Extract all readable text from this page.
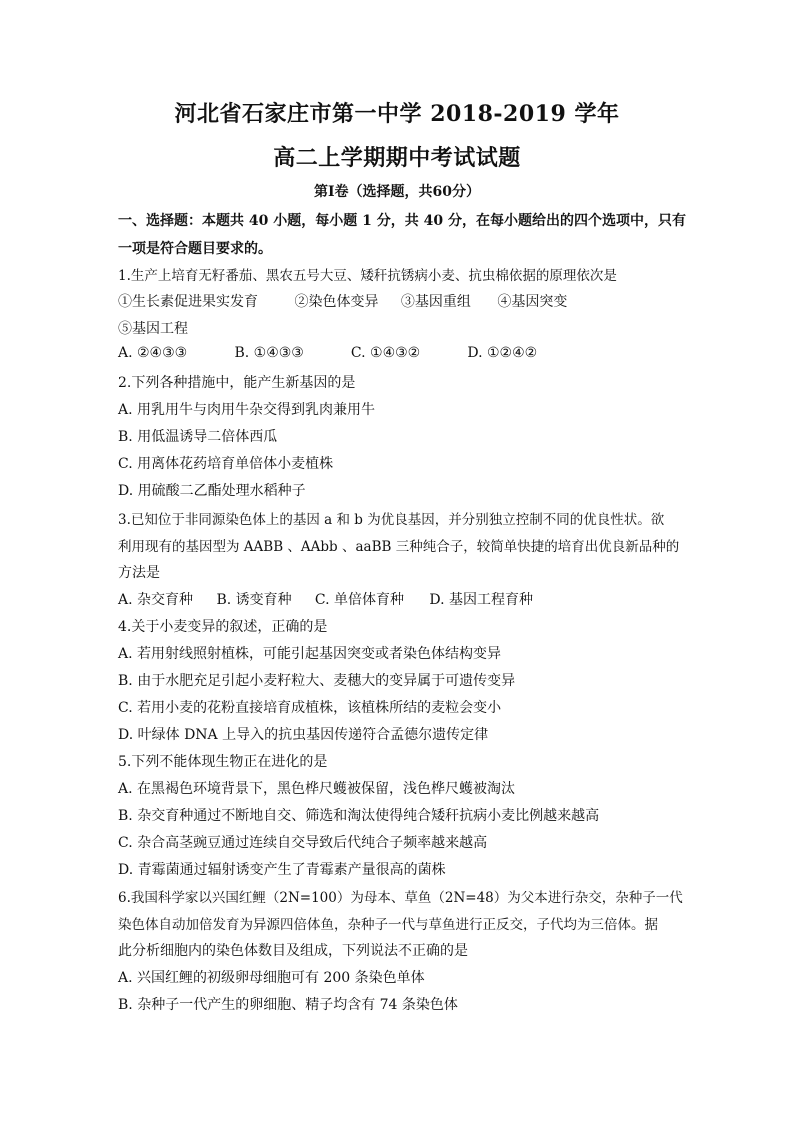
河北省石家庄市第一中学 2018-2019 学年
高二上学期期中考试试题
第Ⅰ卷（选择题，共60分）
一、选择题：本题共 40 小题，每小题 1 分，共 40 分，在每小题给出的四个选项中，只有
一项是符合题目要求的。
1.生产上培育无籽番茄、黑农五号大豆、矮秆抗锈病小麦、抗虫棉依据的原理依次是
①生长素促进果实发育	②染色体变异 ③基因重组 ④基因突变
⑤基因工程
A. ②④③③	B. ①④③③	C. ①④③②	D. ①②④②
2.下列各种措施中，能产生新基因的是
A. 用乳用牛与肉用牛杂交得到乳肉兼用牛
B. 用低温诱导二倍体西瓜
C. 用离体花药培育单倍体小麦植株
D. 用硫酸二乙酯处理水稻种子
3.已知位于非同源染色体上的基因 a 和 b 为优良基因，并分别独立控制不同的优良性状。欲
利用现有的基因型为 AABB 、AAbb 、aaBB 三种纯合子，较简单快捷的培育出优良新品种的
方法是
A. 杂交育种 B. 诱变育种 C. 单倍体育种 D. 基因工程育种
4.关于小麦变异的叙述，正确的是
A. 若用射线照射植株，可能引起基因突变或者染色体结构变异
B. 由于水肥充足引起小麦籽粒大、麦穗大的变异属于可遗传变异
C. 若用小麦的花粉直接培育成植株，该植株所结的麦粒会变小
D. 叶绿体 DNA 上导入的抗虫基因传递符合孟德尔遗传定律
5.下列不能体现生物正在进化的是
A. 在黑褐色环境背景下，黑色桦尺蠖被保留，浅色桦尺蠖被淘汰
B. 杂交育种通过不断地自交、筛选和淘汰使得纯合矮秆抗病小麦比例越来越高
C. 杂合高茎豌豆通过连续自交导致后代纯合子频率越来越高
D. 青霉菌通过辐射诱变产生了青霉素产量很高的菌株
6.我国科学家以兴国红鲤（2N=100）为母本、草鱼（2N=48）为父本进行杂交，杂种子一代
染色体自动加倍发育为异源四倍体鱼，杂种子一代与草鱼进行正反交，子代均为三倍体。据
此分析细胞内的染色体数目及组成，下列说法不正确的是
A. 兴国红鲤的初级卵母细胞可有 200 条染色单体
B. 杂种子一代产生的卵细胞、精子均含有 74 条染色体
